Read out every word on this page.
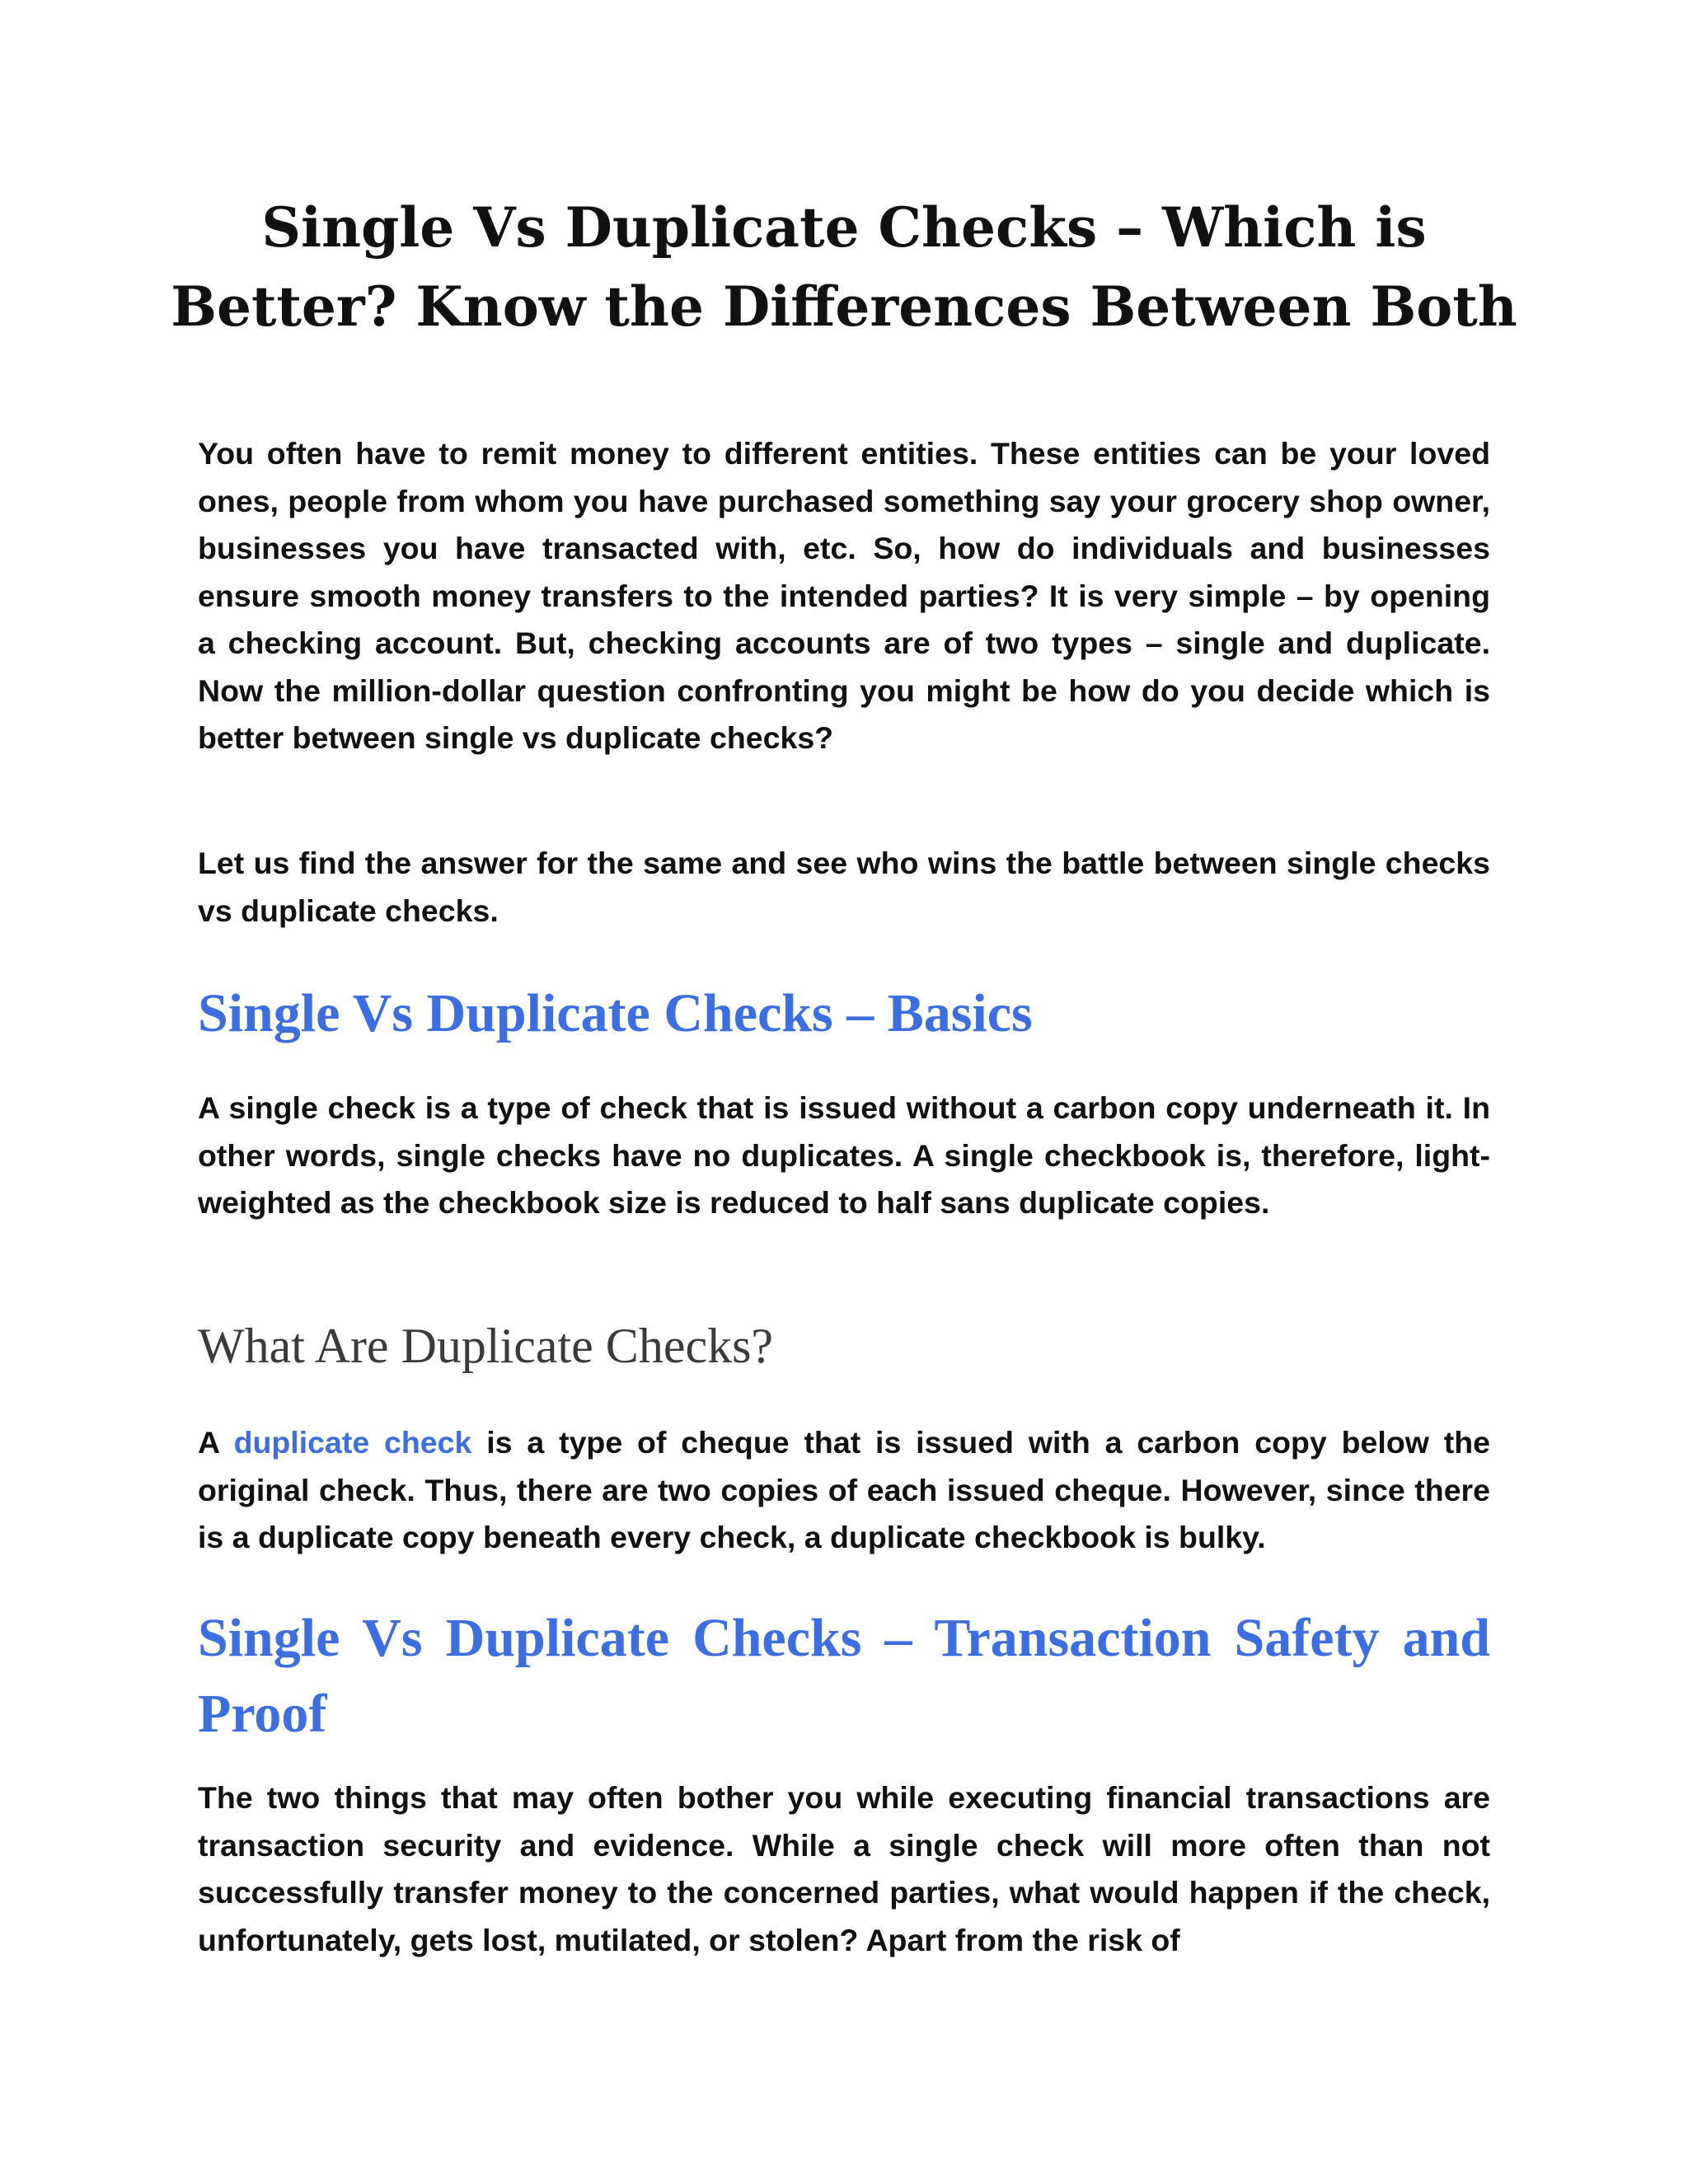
Single Vs Duplicate Checks – Which is Better? Know the Differences Between Both

You often have to remit money to different entities. These entities can be your loved ones, people from whom you have purchased something say your grocery shop owner, businesses you have transacted with, etc. So, how do individuals and businesses ensure smooth money transfers to the intended parties? It is very simple – by opening a checking account. But, checking accounts are of two types – single and duplicate. Now the million-dollar question confronting you might be how do you decide which is better between single vs duplicate checks?

Let us find the answer for the same and see who wins the battle between single checks vs duplicate checks.

Single Vs Duplicate Checks – Basics

A single check is a type of check that is issued without a carbon copy underneath it. In other words, single checks have no duplicates. A single checkbook is, therefore, light-weighted as the checkbook size is reduced to half sans duplicate copies.

What Are Duplicate Checks?

A duplicate check is a type of cheque that is issued with a carbon copy below the original check. Thus, there are two copies of each issued cheque. However, since there is a duplicate copy beneath every check, a duplicate checkbook is bulky.

Single Vs Duplicate Checks – Transaction Safety and Proof

The two things that may often bother you while executing financial transactions are transaction security and evidence. While a single check will more often than not successfully transfer money to the concerned parties, what would happen if the check, unfortunately, gets lost, mutilated, or stolen? Apart from the risk of
